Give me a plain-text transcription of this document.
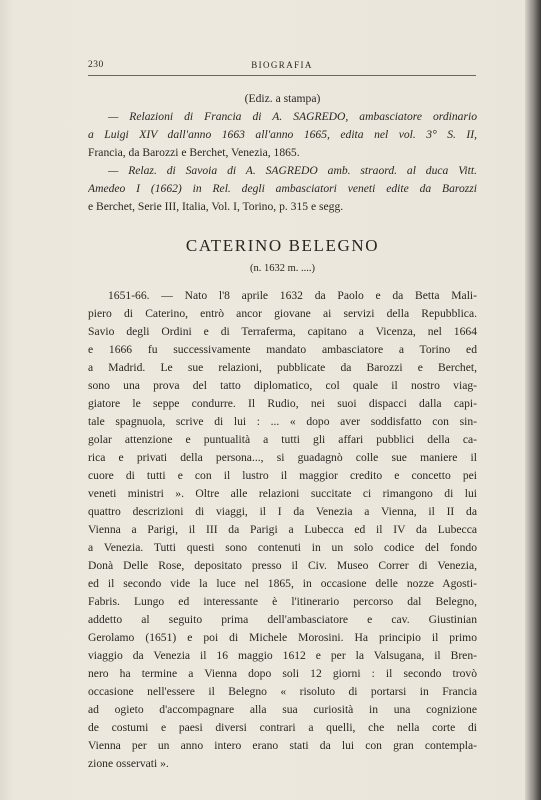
230	BIOGRAFIA
(Ediz. a stampa)
— Relazioni di Francia di A. SAGREDO, ambasciatore ordinario
a Luigi XIV dall'anno 1663 all'anno 1665, edita nel vol. 3° S. II,
Francia, da Barozzi e Berchet, Venezia, 1865.
— Relaz. di Savoia di A. SAGREDO amb. straord. al duca Vitt.
Amedeo I (1662) in Rel. degli ambasciatori veneti edite da Barozzi
e Berchet, Serie III, Italia, Vol. I, Torino, p. 315 e segg.
CATERINO BELEGNO
(n. 1632 m. ....)
1651-66. — Nato l'8 aprile 1632 da Paolo e da Betta Mali-
piero di Caterino, entrò ancor giovane ai servizi della Repubblica.
Savio degli Ordini e di Terraferma, capitano a Vicenza, nel 1664
e 1666 fu successivamente mandato ambasciatore a Torino ed
a Madrid. Le sue relazioni, pubblicate da Barozzi e Berchet,
sono una prova del tatto diplomatico, col quale il nostro viag-
giatore le seppe condurre. Il Rudio, nei suoi dispacci dalla capi-
tale spagnuola, scrive di lui : ... « dopo aver soddisfatto con sin-
golar attenzione e puntualità a tutti gli affari pubblici della ca-
rica e privati della persona..., si guadagnò colle sue maniere il
cuore di tutti e con il lustro il maggior credito e concetto pei
veneti ministri ». Oltre alle relazioni succitate ci rimangono di lui
quattro descrizioni di viaggi, il I da Venezia a Vienna, il II da
Vienna a Parigi, il III da Parigi a Lubecca ed il IV da Lubecca
a Venezia. Tutti questi sono contenuti in un solo codice del fondo
Donà Delle Rose, depositato presso il Civ. Museo Correr di Venezia,
ed il secondo vide la luce nel 1865, in occasione delle nozze Agosti-
Fabris. Lungo ed interessante è l'itinerario percorso dal Belegno,
addetto al seguito prima dell'ambasciatore e cav. Giustinian
Gerolamo (1651) e poi di Michele Morosini. Ha principio il primo
viaggio da Venezia il 16 maggio 1612 e per la Valsugana, il Bren-
nero ha termine a Vienna dopo soli 12 giorni : il secondo trovò
occasione nell'essere il Belegno « risoluto di portarsi in Francia
ad ogieto d'accompagnare alla sua curiosità in una cognizione
de costumi e paesi diversi contrari a quelli, che nella corte di
Vienna per un anno intero erano stati da lui con gran contempla-
zione osservati ».
